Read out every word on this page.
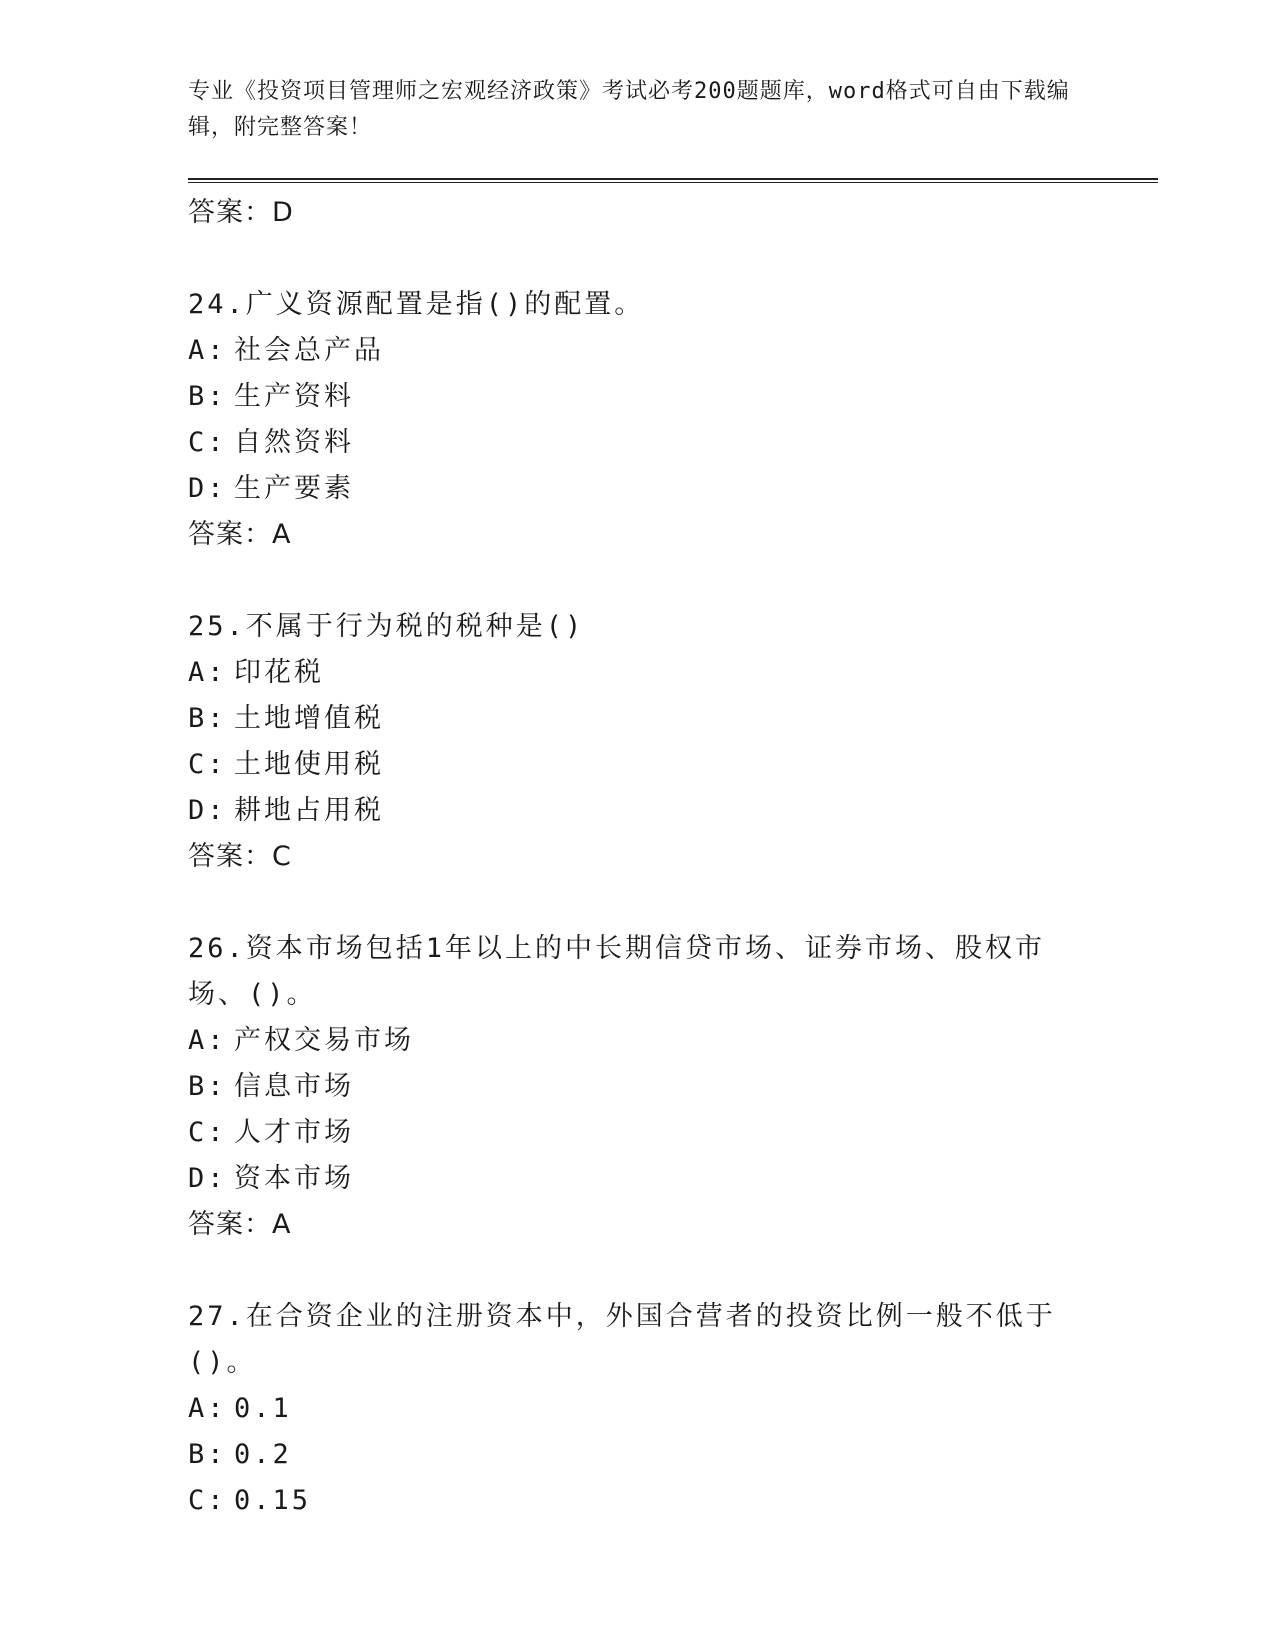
专业《投资项目管理师之宏观经济政策》考试必考200题题库，word格式可自由下载编辑，附完整答案！
答案：D
24.广义资源配置是指()的配置。
A: 社会总产品
B: 生产资料
C: 自然资料
D: 生产要素
答案：A
25.不属于行为税的税种是()
A: 印花税
B: 土地增值税
C: 土地使用税
D: 耕地占用税
答案：C
26.资本市场包括1年以上的中长期信贷市场、证券市场、股权市场、()。
A: 产权交易市场
B: 信息市场
C: 人才市场
D: 资本市场
答案：A
27.在合资企业的注册资本中，外国合营者的投资比例一般不低于()。
A: 0.1
B: 0.2
C: 0.15
